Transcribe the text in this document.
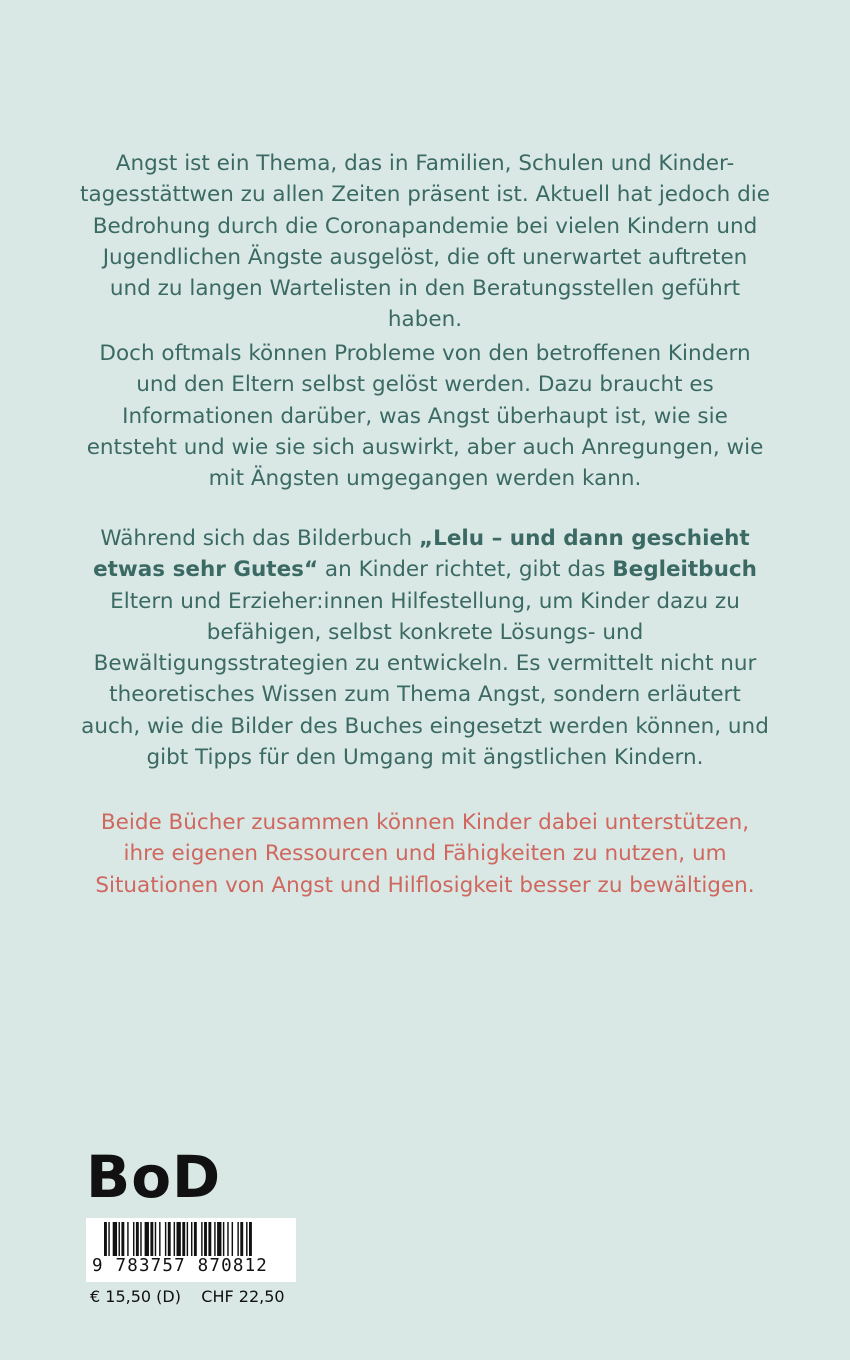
Angst ist ein Thema, das in Familien, Schulen und Kinder-tagesstättwen zu allen Zeiten präsent ist. Aktuell hat jedoch die Bedrohung durch die Coronapandemie bei vielen Kindern und Jugendlichen Ängste ausgelöst, die oft unerwartet auftreten und zu langen Wartelisten in den Beratungsstellen geführt haben.

Doch oftmals können Probleme von den betroffenen Kindern und den Eltern selbst gelöst werden. Dazu braucht es Informationen darüber, was Angst überhaupt ist, wie sie entsteht und wie sie sich auswirkt, aber auch Anregungen, wie mit Ängsten umgegangen werden kann.

Während sich das Bilderbuch „Lelu – und dann geschieht etwas sehr Gutes“ an Kinder richtet, gibt das Begleitbuch Eltern und Erzieher:innen Hilfestellung, um Kinder dazu zu befähigen, selbst konkrete Lösungs- und Bewältigungsstrategien zu entwickeln. Es vermittelt nicht nur theoretisches Wissen zum Thema Angst, sondern erläutert auch, wie die Bilder des Buches eingesetzt werden können, und gibt Tipps für den Umgang mit ängstlichen Kindern.

Beide Bücher zusammen können Kinder dabei unterstützen, ihre eigenen Ressourcen und Fähigkeiten zu nutzen, um Situationen von Angst und Hilflosigkeit besser zu bewältigen.

BoD
9 783757 870812
€ 15,50 (D)    CHF 22,50
